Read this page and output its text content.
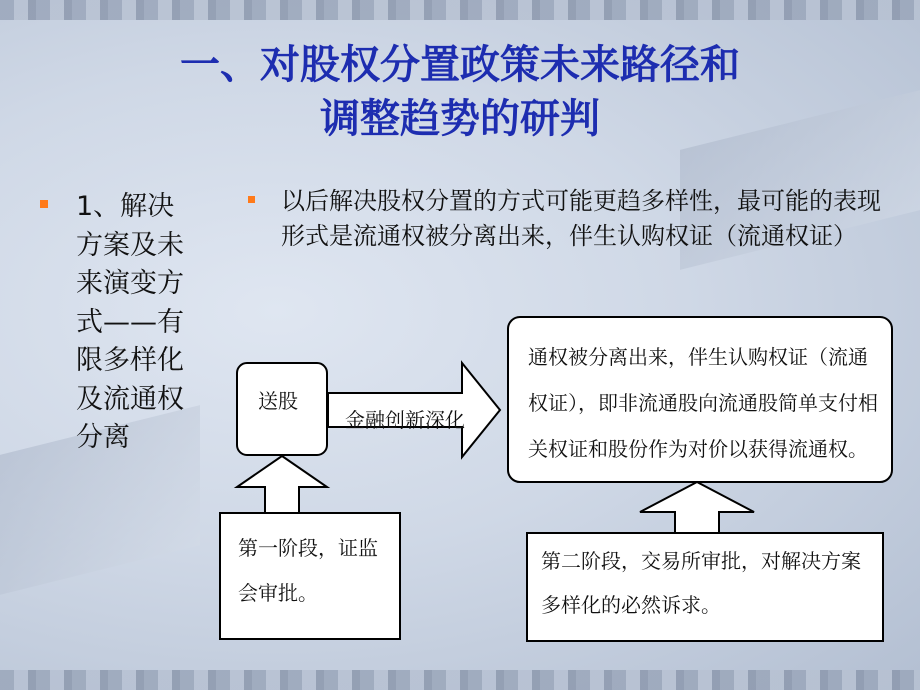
一、对股权分置政策未来路径和
调整趋势的研判
1、解决方案及未来演变方式——有限多样化及流通权分离
以后解决股权分置的方式可能更趋多样性，最可能的表现形式是流通权被分离出来，伴生认购权证（流通权证）
送股
金融创新深化
通权被分离出来，伴生认购权证（流通
权证），即非流通股向流通股简单支付相
关权证和股份作为对价以获得流通权。
第一阶段，证监
会审批。
第二阶段，交易所审批，对解决方案
多样化的必然诉求。
